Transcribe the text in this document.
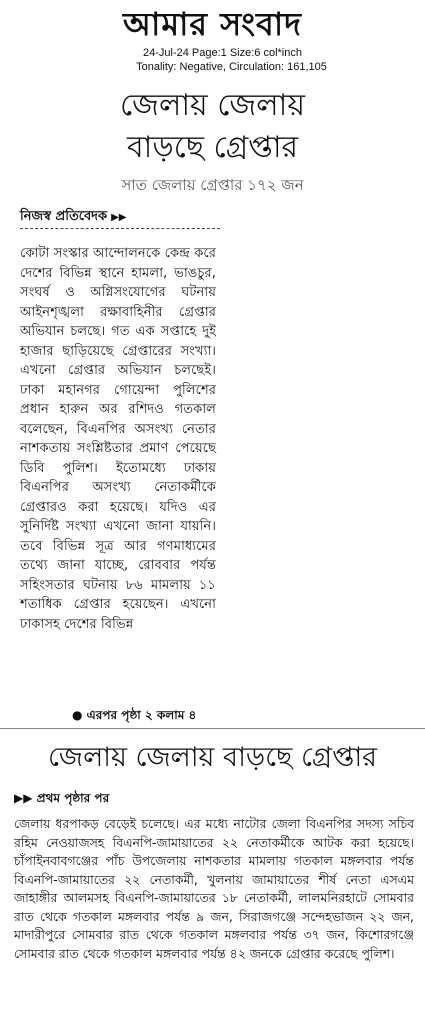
আমার সংবাদ
24-Jul-24 Page:1 Size:6 col*inch
Tonality: Negative, Circulation: 161,105
জেলায় জেলায়
বাড়ছে গ্রেপ্তার
সাত জেলায় গ্রেপ্তার ১৭২ জন
নিজস্ব প্রতিবেদক ▶▶

কোটা সংস্কার আন্দোলনকে কেন্দ্র করে দেশের বিভিন্ন স্থানে হামলা, ভাঙচুর, সংঘর্ষ ও অগ্নিসংযোগের ঘটনায় আইনশৃঙ্খলা রক্ষাবাহিনীর গ্রেপ্তার অভিযান চলছে। গত এক সপ্তাহে দুই হাজার ছাড়িয়েছে গ্রেপ্তারের সংখ্যা। এখনো গ্রেপ্তার অভিযান চলছেই। ঢাকা মহানগর গোয়েন্দা পুলিশের প্রধান হারুন অর রশিদও গতকাল বলেছেন, বিএনপির অসংখ্য নেতার নাশকতায় সংশ্লিষ্টতার প্রমাণ পেয়েছে ডিবি পুলিশ। ইতোমধ্যে ঢাকায় বিএনপির অসংখ্য নেতাকর্মীকে গ্রেপ্তারও করা হয়েছে। যদিও এর সুনির্দিষ্ট সংখ্যা এখনো জানা যায়নি। তবে বিভিন্ন সূত্র আর গণমাধ্যমের তথ্যে জানা যাচ্ছে, রোববার পর্যন্ত সহিংসতার ঘটনায় ৮৬ মামলায় ১১ শতাধিক গ্রেপ্তার হয়েছেন। এখনো ঢাকাসহ দেশের বিভিন্ন

● এরপর পৃষ্ঠা ২ কলাম ৪
জেলায় জেলায় বাড়ছে গ্রেপ্তার
▶▶ প্রথম পৃষ্ঠার পর

জেলায় ধরপাকড় বেড়েই চলেছে। এর মধ্যে নাটোর জেলা বিএনপির সদস্য সচিব রহিম নেওয়াজসহ বিএনপি-জামায়াতের ২২ নেতাকর্মীকে আটক করা হয়েছে। চাঁপাইনবাবগঞ্জের পাঁচ উপজেলায় নাশকতার মামলায় গতকাল মঙ্গলবার পর্যন্ত বিএনপি-জামায়াতের ২২ নেতাকর্মী, খুলনায় জামায়াতের শীর্ষ নেতা এসএম জাহাঙ্গীর আলমসহ বিএনপি-জামায়াতের ১৮ নেতাকর্মী, লালমনিরহাটে সোমবার রাত থেকে গতকাল মঙ্গলবার পর্যন্ত ৯ জন, সিরাজগঞ্জে সন্দেহভাজন ২২ জন, মাদারীপুরে সোমবার রাত থেকে গতকাল মঙ্গলবার পর্যন্ত ৩৭ জন, কিশোরগঞ্জে সোমবার রাত থেকে গতকাল মঙ্গলবার পর্যন্ত ৪২ জনকে গ্রেপ্তার করেছে পুলিশ।
